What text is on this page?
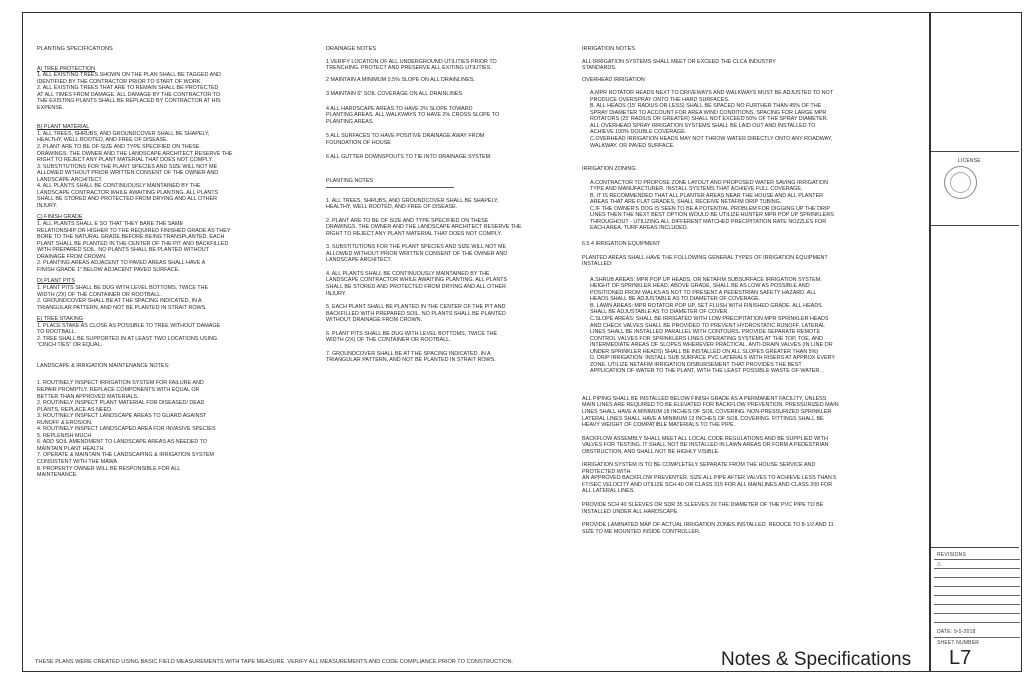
PLANTING SPECIFICATIONS

A) TREE PROTECTION

1. ALL EXISTING TREES SHOWN ON THE PLAN SHALL BE TAGGED AND
IDENTIFIED BY THE CONTRACTOR PRIOR TO START OF WORK.
2. ALL EXISTING TREES THAT ARE TO REMAIN SHALL BE PROTECTED
AT ALL TIMES FROM DAMAGE. ALL DAMAGE BY THE CONTRACTOR TO
THE EXISTING PLANTS SHALL BE REPLACED BY CONTRACTOR AT HIS
EXPENSE.

B) PLANT MATERIAL

1. ALL TREES, SHRUBS, AND GROUNDCOVER SHALL BE SHAPELY,
HEALTHY, WELL ROOTED, AND FREE OF DISEASE.
2. PLANT ARE TO BE OF SIZE AND TYPE SPECIFIED ON THESE
DRAWINGS. THE OWNER AND THE LANDSCAPE ARCHITECT RESERVE THE
RIGHT TO REJECT ANY PLANT MATERIAL THAT DOES NOT COMPLY.
3. SUBSTITUTIONS FOR THE PLANT SPECIES AND SIZE WILL NOT ME
ALLOWED WITHOUT PRIOR WRITTEN CONSENT OF THE OWNER AND
LANDSCAPE ARCHITECT.
4. ALL PLANTS SHALL BE CONTINUOUSLY MAINTAINED BY THE
LANDSCAPE CONTRACTOR WHILE AWAITING PLANTING. ALL PLANTS
SHALL BE STORED AND PROTECTED FROM DRYING AND ALL OTHER
INJURY.

C) FINISH GRADE

1. ALL PLANTS SHALL E SO THAT THEY BARE THE SAME
RELATIONSHIP OR HIGHER TO THE REQUIRED FINISHED GRADE AS THEY
BORE TO THE NATURAL GRADE BEFORE BEING TRANSPLANTED. EACH
PLANT SHALL BE PLANTED IN THE CENTER OF THE PIT AND BACKFILLED
WITH PREPARED SOIL. NO PLANTS SHALL BE PLANTED WITHOUT
DRAINAGE FROM CROWN.
2. PLANTING AREAS ADJACENT TO PAVED AREAS SHALL HAVE A
FINISH GRADE 1" BELOW ADJACENT PAVED SURFACE.

D) PLANT PITS

1. PLANT PITS SHALL BE DUG WITH LEVEL BOTTOMS, TWICE THE
WIDTH (2X) OF THE CONTAINER OR ROOTBALL.
2. GROUNDCOVER SHALL BE AT THE SPACING INDICATED, IN A
TRIANGULAR PATTERN, AND NOT BE PLANTED IN STRAIT ROWS.

E) TREE STAKING

1. PLACE STAKE AS CLOSE AS POSSIBLE TO TREE WITHOUT DAMAGE
TO ROOTBALL.
2. TREE SHALL BE SUPPORTED IN AT LEAST TWO LOCATIONS USING
"CINCH TIES" OR EQUAL.

LANDSCAPE & IRRIGATION MAINTENANCE NOTES:

1. ROUTINELY INSPECT IRRIGATION SYSTEM FOR FAILURE AND
REPAIR PROMPTLY. REPLACE COMPONENTS WITH EQUAL OR
BETTER THAN APPROVED MATERIALS.
2. ROUTINELY INSPECT PLANT MATERIAL FOR DISEASED/ DEAD
PLANTS, REPLACE AS NEED.
3. ROUTINELY INSPECT LANDSCAPE AREAS TO GUARD AGAINST
RUNOFF & EROSION.
4. ROUTINELY INSPECT LANDSCAPED AREA FOR INVASIVE SPECIES
5. REPLENISH MUCH
6. ADD SOIL AMENDMENT TO LANDSCAPE AREAS AS NEEDED TO
MAINTAIN PLANT HEALTH
7. OPERATE & MAINTAIN THE LANDSCAPING & IRRIGATION SYSTEM
CONSISTENT WITH THE MAWA
8. PROPERTY OWNER WILL BE RESPONSIBLE FOR ALL
MAINTENANCE.
DRAINAGE NOTES

1 VERIFY LOCATION OF ALL UNDERGROUND UTILITIES PRIOR TO
TRENCHING. PROTECT AND PRESERVE ALL EXITING UTILITIES.

2 MAINTAIN A MINIMUM 0.5% SLOPE ON ALL DRAINLINES.

3 MAINTAIN 6" SOIL COVERAGE ON ALL DRAINLINES.

4 ALL HARDSCAPE AREAS TO HAVE 2% SLOPE TOWARD
PLANTING AREAS. ALL WALKWAYS TO HAVE 2% CROSS SLOPE TO
PLANTING AREAS.

5 ALL SURFACES TO HAVE POSITIVE DRAINAGE AWAY FROM
FOUNDATION OF HOUSE

6 ALL GUTTER DOWNSPOUTS TO TIE INTO DRAINAGE SYSTEM.

PLANTING NOTES

1. ALL TREES, SHRUBS, AND GROUNDCOVER SHALL BE SHAPELY,
HEALTHY, WELL ROOTED, AND FREE OF DISEASE.

2. PLANT ARE TO BE OF SIZE AND TYPE SPECIFIED ON THESE
DRAWINGS. THE OWNER AND THE LANDSCAPE ARCHITECT RESERVE THE
RIGHT TO REJECT ANY PLANT MATERIAL THAT DOES NOT COMPLY.

3. SUBSTITUTIONS FOR THE PLANT SPECIES AND SIZE WILL NOT ME
ALLOWED WITHOUT PRIOR WRITTEN CONSENT OF THE OWNER AND
LANDSCAPE ARCHITECT.

4. ALL PLANTS SHALL BE CONTINUOUSLY MAINTAINED BY THE
LANDSCAPE CONTRACTOR WHILE AWAITING PLANTING. ALL PLANTS
SHALL BE STORED AND PROTECTED FROM DRYING AND ALL OTHER
INJURY.

5. EACH PLANT SHALL BE PLANTED IN THE CENTER OF THE PIT AND
BACKFILLED WITH PREPARED SOIL. NO PLANTS SHALL BE PLANTED
WITHOUT DRAINAGE FROM CROWN.

6. PLANT PITS SHALL BE DUG WITH LEVEL BOTTOMS, TWICE THE
WIDTH (2X) OF THE CONTAINER OR ROOTBALL.

7. GROUNDCOVER SHALL BE AT THE SPACING INDICATED, IN A
TRIANGULAR PATTERN, AND NOT BE PLANTED IN STRAIT ROWS.

IRRIGATION NOTES

ALL IRRIGATION SYSTEMS SHALL MEET OR EXCEED THE CLCA INDUSTRY
STANDARDS.

OVERHEAD IRRIGATION

A.MPR ROTATOR HEADS NEXT TO DRIVEWAYS AND WALKWAYS MUST BE ADJUSTED TO NOT
PRODUCE OVERSPRAY ONTO THE HARD SURFACES.
B. ALL HEADS (15' RADIUS OR LESS) SHALL BE SPACED NO FURTHER THAN 45% OF THE
SPRAY DIAMETER TO ACCOUNT FOR AREA WIND CONDITIONS. SPACING FOR LARGE MPR
ROTATORS (25' RADIUS OR GREATER) SHALL NOT EXCEED 50% OF THE SPRAY DIAMETER.
ALL OVERHEAD SPRAY IRRIGATION SYSTEMS SHALL BE LAID OUT AND INSTALLED TO
ACHIEVE 100% DOUBLE COVERAGE.
C.OVERHEAD IRRIGATION HEADS MAY NOT THROW WATER DIRECTLY ONTO ANY ROADWAY,
WALKWAY, OR PAVED SURFACE.

IRRIGATION ZONING.

A.CONTRACTOR TO PROPOSE ZONE LAYOUT AND PROPOSED WATER SAVING IRRIGATION
TYPE AND MANUFACTURER. INSTALL SYSTEMS THAT ACHIEVE FULL COVERAGE.
B. IT IS RECOMMENDED THAT ALL PLANTER AREAS NEAR THE HOUSE AND ALL PLANTER
AREAS THAT ARE FLAT GRADES, SHALL RECEIVE NETAFIM DRIP TUBING.
C.IF THE OWNER'S DOG IS SEEN TO BE A POTENTIAL PROBLEM FOR DIGGING UP THE DRIP
LINES THEN THE NEXT BEST OPTION WOULD BE UTILIZE HUNTER MPR POP UP SPRINKLERS
THROUGHOUT - UTILIZING ALL DIFFERENT MATCHED PRECIPITATION RATE NOZZLES FOR
EACH AREA. TURF AREAS INCLUDED.

6.5.4 IRRIGATION EQUIPMENT

PLANTED AREAS SHALL HAVE THE FOLLOWING GENERAL TYPES OF IRRIGATION EQUIPMENT
INSTALLED:

A.SHRUB AREAS: MPR POP UP HEADS, OR NETAFIM SUBSURFACE IRRIGATION SYSTEM.
HEIGHT OF SPRINKLER HEAD, ABOVE GRADE, SHALL BE AS LOW AS POSSIBLE AND
POSITIONED FROM WALKS AS NOT TO PRESENT A PEDESTRIAN SAFETY HAZARD. ALL
HEADS SHALL BE ADJUSTABLE AS TO DIAMETER OF COVERAGE.
B. LAWN AREAS: MPR ROTATOR POP UP, SET FLUSH WITH FINISHED GRADE. ALL HEADS
SHALL BE ADJUSTABLE AS TO DIAMETER OF COVER.
C.SLOPE AREAS: SHALL BE IRRIGATED WITH LOW PRECIPITATION MPR SPRINKLER HEADS
AND CHECK VALVES SHALL BE PROVIDED TO PREVENT HYDROSTATIC RUNOFF. LATERAL
LINES SHALL BE INSTALLED PARALLEL WITH CONTOURS. PROVIDE SEPARATE REMOTE
CONTROL VALVES FOR SPRINKLERS LINES OPERATING SYSTEMS AT THE TOP, TOE, AND
INTERMEDIATE AREAS OF SLOPES WHEREVER PRACTICAL. ANTI-DRAIN VALVES (IN LINE OR
UNDER SPRINKLER HEADS) SHALL BE INSTALLED ON ALL SLOPES GREATER THAN 5%)
D. DRIP IRRIGATION: INSTALL SUB SURFACE PVC LATERALS WITH RISERS AT APPROX EVERY
ZONE. UTILIZE NETAFIM IRRIGATION DISBURSEMENT THAT PROVIDES THE BEST
APPLICATION OF WATER TO THE PLANT, WITH THE LEAST POSSIBLE WASTE OF WATER. .

ALL PIPING SHALL BE INSTALLED BELOW FINISH GRADE AS A PERMANENT FACILITY, UNLESS
MAIN LINES ARE REQUIRED TO BE ELEVATED FOR BACKFLOW PREVENTION. PRESSURIZED MAIN
LINES SHALL HAVE A MINIMUM 18 INCHES OF SOIL COVERING. NON-PRESSURIZED SPRINKLER
LATERAL LINES SHALL HAVE A MINIMUM 12 INCHES OF SOIL COVERING. FITTINGS SHALL BE
HEAVY WEIGHT OF COMPATIBLE MATERIALS TO THE PIPE.

BACKFLOW ASSEMBLY SHALL MEET ALL LOCAL CODE REGULATIONS AND BE SUPPLIED WITH
VALVES FOR TESTING. IT SHALL NOT BE INSTALLED IN LAWN AREAS OR FORM A PEDESTRIAN
OBSTRUCTION, AND SHALL NOT BE HIGHLY VISIBLE.

IRRIGATION SYSTEM IS TO BE COMPLETELY SEPARATE FROM THE HOUSE SERVICE AND
PROTECTED WITH
AN APPROVED BACKFLOW PREVENTER. SIZE ALL PIPE AFTER VALVES TO ACHIEVE LESS THAN 5
FT/SEC VELOCITY AND UTILIZE SCH 40 OR CLASS 315 FOR ALL MAINLINES AND CLASS 200 FOR
ALL LATERAL LINES.

PROVIDE SCH 40 SLEEVES OR SDR 35 SLEEVES 2X THE DIAMETER OF THE PVC PIPE TO BE
INSTALLED UNDER ALL HARDSCAPE.

PROVIDE LAMINATED MAP OF ACTUAL IRRIGATION ZONES INSTALLED. REDUCE TO 8-1/2 AND 11
SIZE TO ME MOUNTED INSIDE CONTROLLER.

LICENSE
REVISIONS
△
DATE: 9-5-2018
SHEET NUMBER
L7
THESE PLANS WERE CREATED USING BASIC FIELD MEASUREMENTS WITH TAPE MEASURE. VERIFY ALL MEASUREMENTS AND CODE COMPLIANCE PRIOR TO CONSTRUCTION.	Notes & Specifications
